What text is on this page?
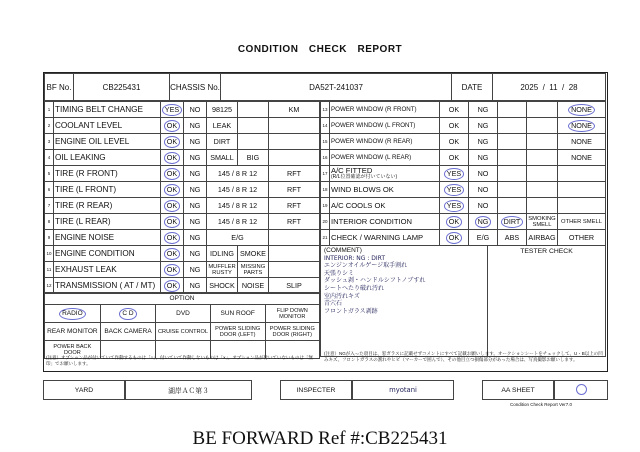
CONDITION　CHECK　REPORT
BF No.	CB225431	CHASSIS No.	DA52T-241037	DATE	2025 / 11 / 28
1	TIMING BELT CHANGE	YES	NO	98125		KM
2	COOLANT LEVEL	OK	NG	LEAK		
3	ENGINE OIL LEVEL	OK	NG	DIRT		
4	OIL LEAKING	OK	NG	SMALL	BIG	
5	TIRE (R FRONT)	OK	NG	145 / 8 R 12		RFT
6	TIRE (L FRONT)	OK	NG	145 / 8 R 12		RFT
7	TIRE (R REAR)	OK	NG	145 / 8 R 12		RFT
8	TIRE (L REAR)	OK	NG	145 / 8 R 12		RFT
9	ENGINE NOISE	OK	NG	E/G		
10	ENGINE CONDITION	OK	NG	IDLING	SMOKE	
11	EXHAUST LEAK	OK	NG	MUFFLER RUSTY	MISSING PARTS	
12	TRANSMISSION ( AT / MT)	OK	NG	SHOCK	NOISE	SLIP
13	POWER WINDOW (R FRONT)	OK	NG			NONE
14	POWER WINDOW (L FRONT)	OK	NG			NONE
15	POWER WINDOW (R REAR)	OK	NG			NONE
16	POWER WINDOW (L REAR)	OK	NG			NONE
17	A/C FITTED
(R/L位置確認が付いていない)	YES	NO			
18	WIND BLOWS OK	YES	NO			
19	A/C COOLS OK	YES	NO			
20	INTERIOR CONDITION	OK	NG	DIRT	SMOKING SMELL	OTHER SMELL
21	CHECK / WARNING LAMP	OK	E/G	ABS	AIRBAG	OTHER
(COMMENT)
INTERIOR: NG : DIRT
エンジンオイルゲージ取手割れ
天張りシミ
ダッシュ剥・ハンドルシフトノブすれ
シートへたり破れ汚れ
室内汚れキズ
青穴石
フロントガラス剥跡
	TESTER CHECK
OPTION				
RADIO	C D	DVD	SUN ROOF	FLIP DOWN MONITOR
REAR MONITOR	BACK CAMERA	CRUISE CONTROL	POWER SLIDING DOOR (LEFT)	POWER SLIDING DOOR (RIGHT)
POWER BACK DOOR				
(注意）オプション品が付いていて作動するものは「○」、付いていて作動しないものは「×」。オプション品が付いていないものは「無印」でお願いします。
(注意）NGが入った項目は、窓ガラスに記載せずコメントにすべて記載お願いします。オークションシートをチェックして、U・B以上の凹みキズ、フロントガラスの割れやヒビ（マーカーで囲んで）、その他目立つ損傷部分があった場合は、写真撮影お願いします。
YARD	湖岸ＡＣ第３		INSPECTER	myotani		AA SHEET	
Condition Check Report Ver7.0
BE FORWARD Ref #:CB225431
